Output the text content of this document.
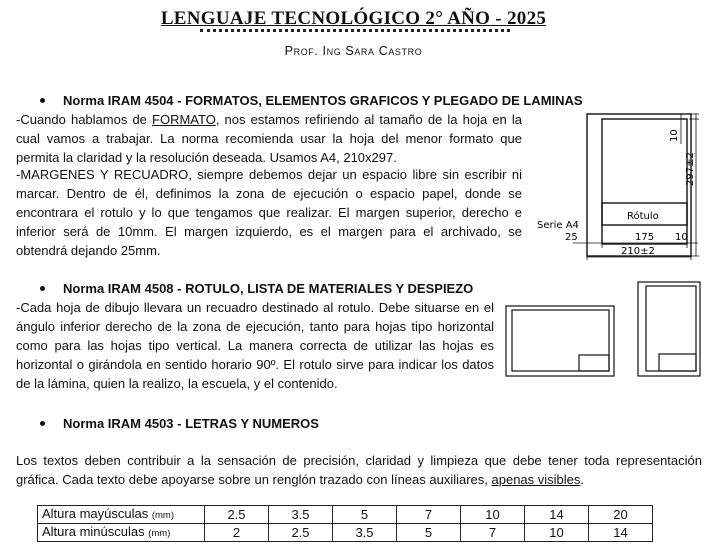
LENGUAJE TECNOLÓGICO 2° AÑO - 2025
Prof. Ing Sara Castro
Norma IRAM 4504 - FORMATOS, ELEMENTOS GRAFICOS Y PLEGADO DE LAMINAS
-Cuando hablamos de FORMATO, nos estamos refiriendo al tamaño de la hoja en la cual vamos a trabajar. La norma recomienda usar la hoja del menor formato que permita la claridad y la resolución deseada. Usamos A4, 210x297.
-MARGENES Y RECUADRO, siempre debemos dejar un espacio libre sin escribir ni marcar. Dentro de él, definimos la zona de ejecución o espacio papel, donde se encontrara el rotulo y lo que tengamos que realizar. El margen superior, derecho e inferior será de 10mm. El margen izquierdo, es el margen para el archivado, se obtendrá dejando 25mm.
Rótulo
25	175 10
210±2
Serie A4
10
297±2
Norma IRAM 4508 - ROTULO, LISTA DE MATERIALES Y DESPIEZO
-Cada hoja de dibujo llevara un recuadro destinado al rotulo. Debe situarse en el ángulo inferior derecho de la zona de ejecución, tanto para hojas tipo horizontal como para las hojas tipo vertical. La manera correcta de utilizar las hojas es horizontal o girándola en sentido horario 90º. El rotulo sirve para indicar los datos de la lámina, quien la realizo, la escuela, y el contenido.
Norma IRAM 4503 - LETRAS Y NUMEROS
Los textos deben contribuir a la sensación de precisión, claridad y limpieza que debe tener toda representación gráfica. Cada texto debe apoyarse sobre un renglón trazado con líneas auxiliares, apenas visibles.
Altura mayúsculas (mm)	2.5	3.5	5	7	10	14	20
Altura minúsculas (mm)	2	2.5	3.5	5	7	10	14
